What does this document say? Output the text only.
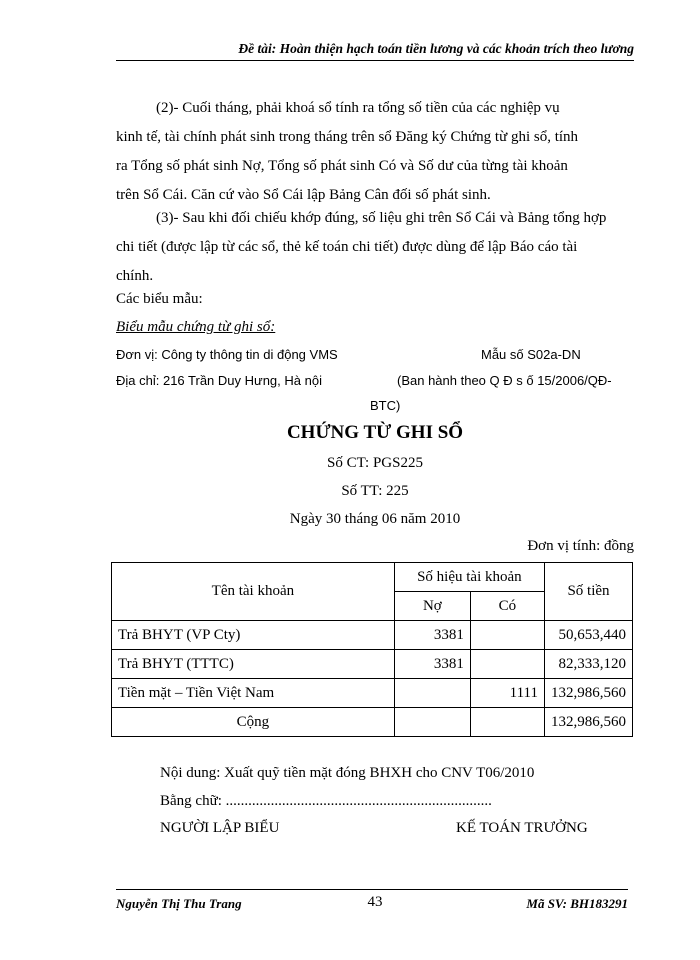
Đề tài: Hoàn thiện hạch toán tiền lương và các khoản trích theo lương
(2)- Cuối tháng, phải khoá sổ tính ra tổng số tiền của các nghiệp vụ
kinh tế, tài chính phát sinh trong tháng trên sổ Đăng ký Chứng từ ghi sổ, tính
ra Tổng số phát sinh Nợ, Tổng số phát sinh Có và Số dư của từng tài khoản
trên Sổ Cái. Căn cứ vào Sổ Cái lập Bảng Cân đối số phát sinh.
(3)- Sau khi đối chiếu khớp đúng, số liệu ghi trên Sổ Cái và Bảng tổng hợp
chi tiết (được lập từ các sổ, thẻ kế toán chi tiết) được dùng để lập Báo cáo tài
chính.
Các biểu mẫu:
Biểu mẫu chứng từ ghi sổ:
Đơn vị: Công ty thông tin di động VMS	Mẫu số S02a-DN
Địa chỉ: 216 Trần Duy Hưng, Hà nội	(Ban hành theo Q Đ s ố 15/2006/QĐ-
BTC)
CHỨNG TỪ GHI SỔ
Số CT: PGS225
Số TT: 225
Ngày 30 tháng 06 năm 2010
Đơn vị tính: đồng
Tên tài khoản	Số hiệu tài khoản		Số tiền
	Nợ	Có	
Trả BHYT (VP Cty)	3381		50,653,440
Trả BHYT (TTTC)	3381		82,333,120
Tiền mặt – Tiền Việt Nam		1111	132,986,560
Cộng			132,986,560
Nội dung: Xuất quỹ tiền mặt đóng BHXH cho CNV T06/2010
Bằng chữ: .......................................................................
NGƯỜI LẬP BIỂU	KẾ TOÁN TRƯỞNG
Nguyễn Thị Thu Trang	43	Mã SV: BH183291
